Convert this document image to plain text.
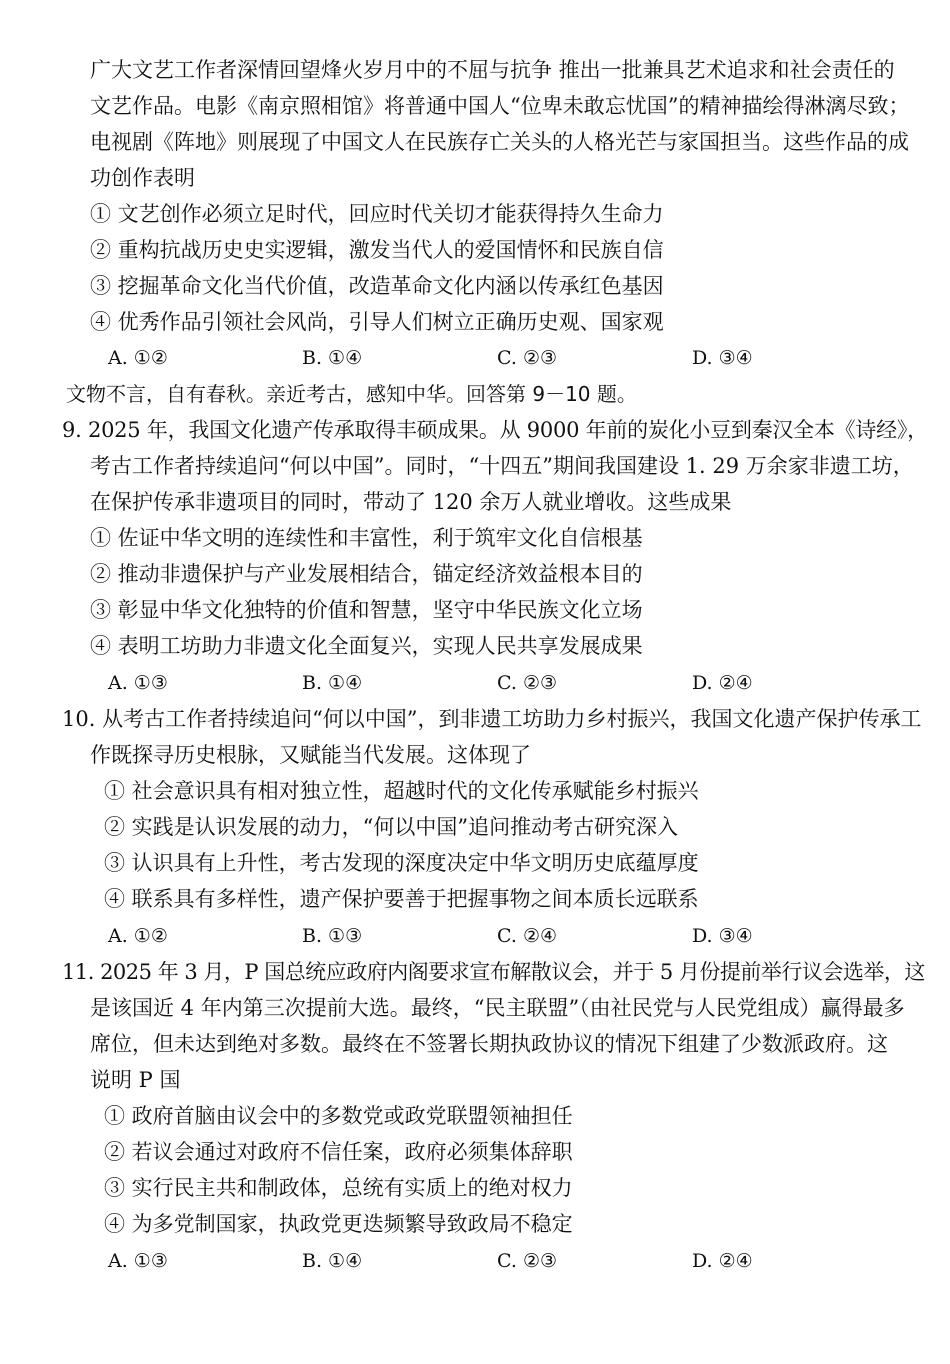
广大文艺工作者深情回望烽火岁月中的不屈与抗争 推出一批兼具艺术追求和社会责任的
文艺作品。电影《南京照相馆》将普通中国人“位卑未敢忘忧国”的精神描绘得淋漓尽致；
电视剧《阵地》则展现了中国文人在民族存亡关头的人格光芒与家国担当。这些作品的成
功创作表明
① 文艺创作必须立足时代，回应时代关切才能获得持久生命力
② 重构抗战历史史实逻辑，激发当代人的爱国情怀和民族自信
③ 挖掘革命文化当代价值，改造革命文化内涵以传承红色基因
④ 优秀作品引领社会风尚，引导人们树立正确历史观、国家观
A. ①②	B. ①④	C. ②③	D. ③④
文物不言，自有春秋。亲近考古，感知中华。回答第 9－10 题。
9. 2025 年，我国文化遗产传承取得丰硕成果。从 9000 年前的炭化小豆到秦汉全本《诗经》，
考古工作者持续追问“何以中国”。同时，“十四五”期间我国建设 1. 29 万余家非遗工坊，
在保护传承非遗项目的同时，带动了 120 余万人就业增收。这些成果
① 佐证中华文明的连续性和丰富性，利于筑牢文化自信根基
② 推动非遗保护与产业发展相结合，锚定经济效益根本目的
③ 彰显中华文化独特的价值和智慧，坚守中华民族文化立场
④ 表明工坊助力非遗文化全面复兴，实现人民共享发展成果
A. ①③	B. ①④	C. ②③	D. ②④
10. 从考古工作者持续追问“何以中国”，到非遗工坊助力乡村振兴，我国文化遗产保护传承工
作既探寻历史根脉，又赋能当代发展。这体现了
① 社会意识具有相对独立性，超越时代的文化传承赋能乡村振兴
② 实践是认识发展的动力，“何以中国”追问推动考古研究深入
③ 认识具有上升性，考古发现的深度决定中华文明历史底蕴厚度
④ 联系具有多样性，遗产保护要善于把握事物之间本质长远联系
A. ①②	B. ①③	C. ②④	D. ③④
11. 2025 年 3 月，P 国总统应政府内阁要求宣布解散议会，并于 5 月份提前举行议会选举，这
是该国近 4 年内第三次提前大选。最终，“民主联盟”（由社民党与人民党组成）赢得最多
席位，但未达到绝对多数。最终在不签署长期执政协议的情况下组建了少数派政府。这
说明 P 国
① 政府首脑由议会中的多数党或政党联盟领袖担任
② 若议会通过对政府不信任案，政府必须集体辞职
③ 实行民主共和制政体，总统有实质上的绝对权力
④ 为多党制国家，执政党更迭频繁导致政局不稳定
A. ①③	B. ①④	C. ②③	D. ②④
